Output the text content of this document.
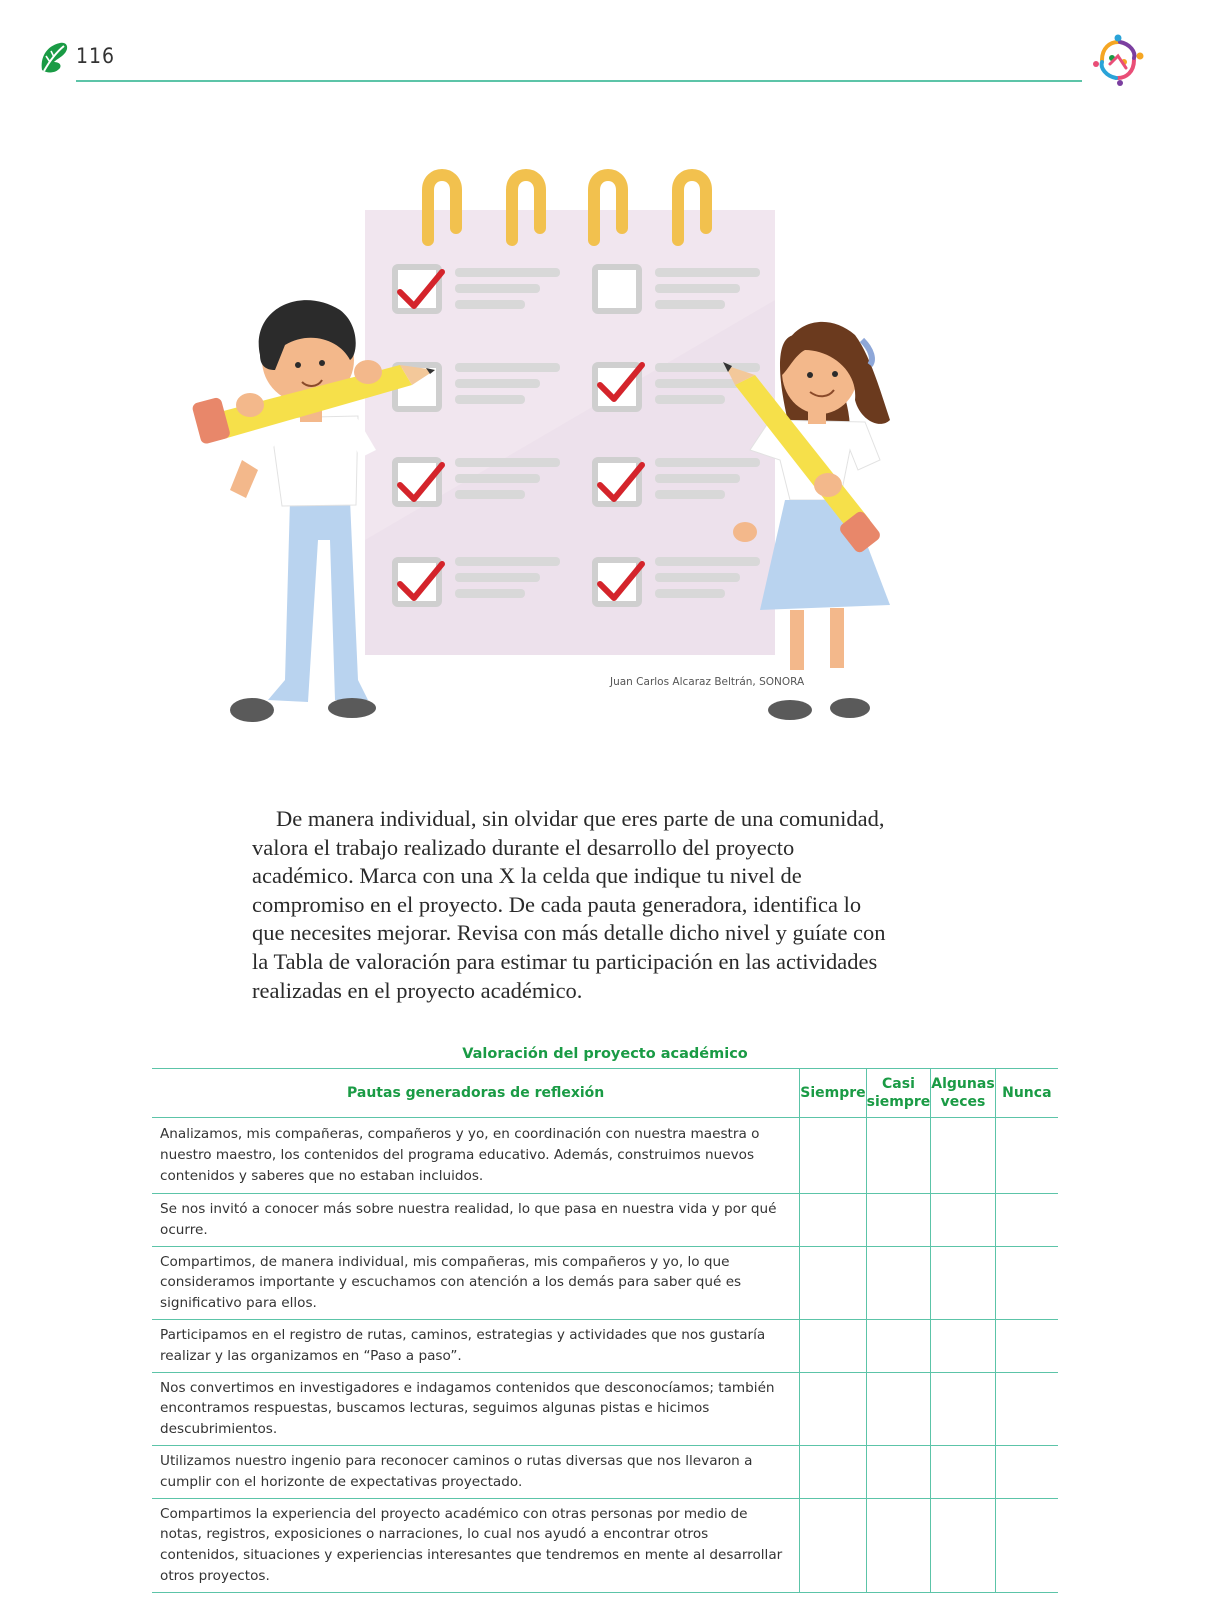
116
Juan Carlos Alcaraz Beltrán, SONORA

De manera individual, sin olvidar que eres parte de una comunidad, valora el trabajo realizado durante el desarrollo del proyecto académico. Marca con una X la celda que indique tu nivel de compromiso en el proyecto. De cada pauta generadora, identifica lo que necesites mejorar. Revisa con más detalle dicho nivel y guíate con la Tabla de valoración para estimar tu participación en las actividades realizadas en el proyecto académico.

Valoración del proyecto académico
Pautas generadoras de reflexión	Siempre	Casi siempre	Algunas veces	Nunca
Analizamos, mis compañeras, compañeros y yo, en coordinación con nuestra maestra o nuestro maestro, los contenidos del programa educativo. Además, construimos nuevos contenidos y saberes que no estaban incluidos.				
Se nos invitó a conocer más sobre nuestra realidad, lo que pasa en nuestra vida y por qué ocurre.				
Compartimos, de manera individual, mis compañeras, mis compañeros y yo, lo que consideramos importante y escuchamos con atención a los demás para saber qué es significativo para ellos.				
Participamos en el registro de rutas, caminos, estrategias y actividades que nos gustaría realizar y las organizamos en “Paso a paso”.				
Nos convertimos en investigadores e indagamos contenidos que desconocíamos; también encontramos respuestas, buscamos lecturas, seguimos algunas pistas e hicimos descubrimientos.				
Utilizamos nuestro ingenio para reconocer caminos o rutas diversas que nos llevaron a cumplir con el horizonte de expectativas proyectado.				
Compartimos la experiencia del proyecto académico con otras personas por medio de notas, registros, exposiciones o narraciones, lo cual nos ayudó a encontrar otros contenidos, situaciones y experiencias interesantes que tendremos en mente al desarrollar otros proyectos.				
